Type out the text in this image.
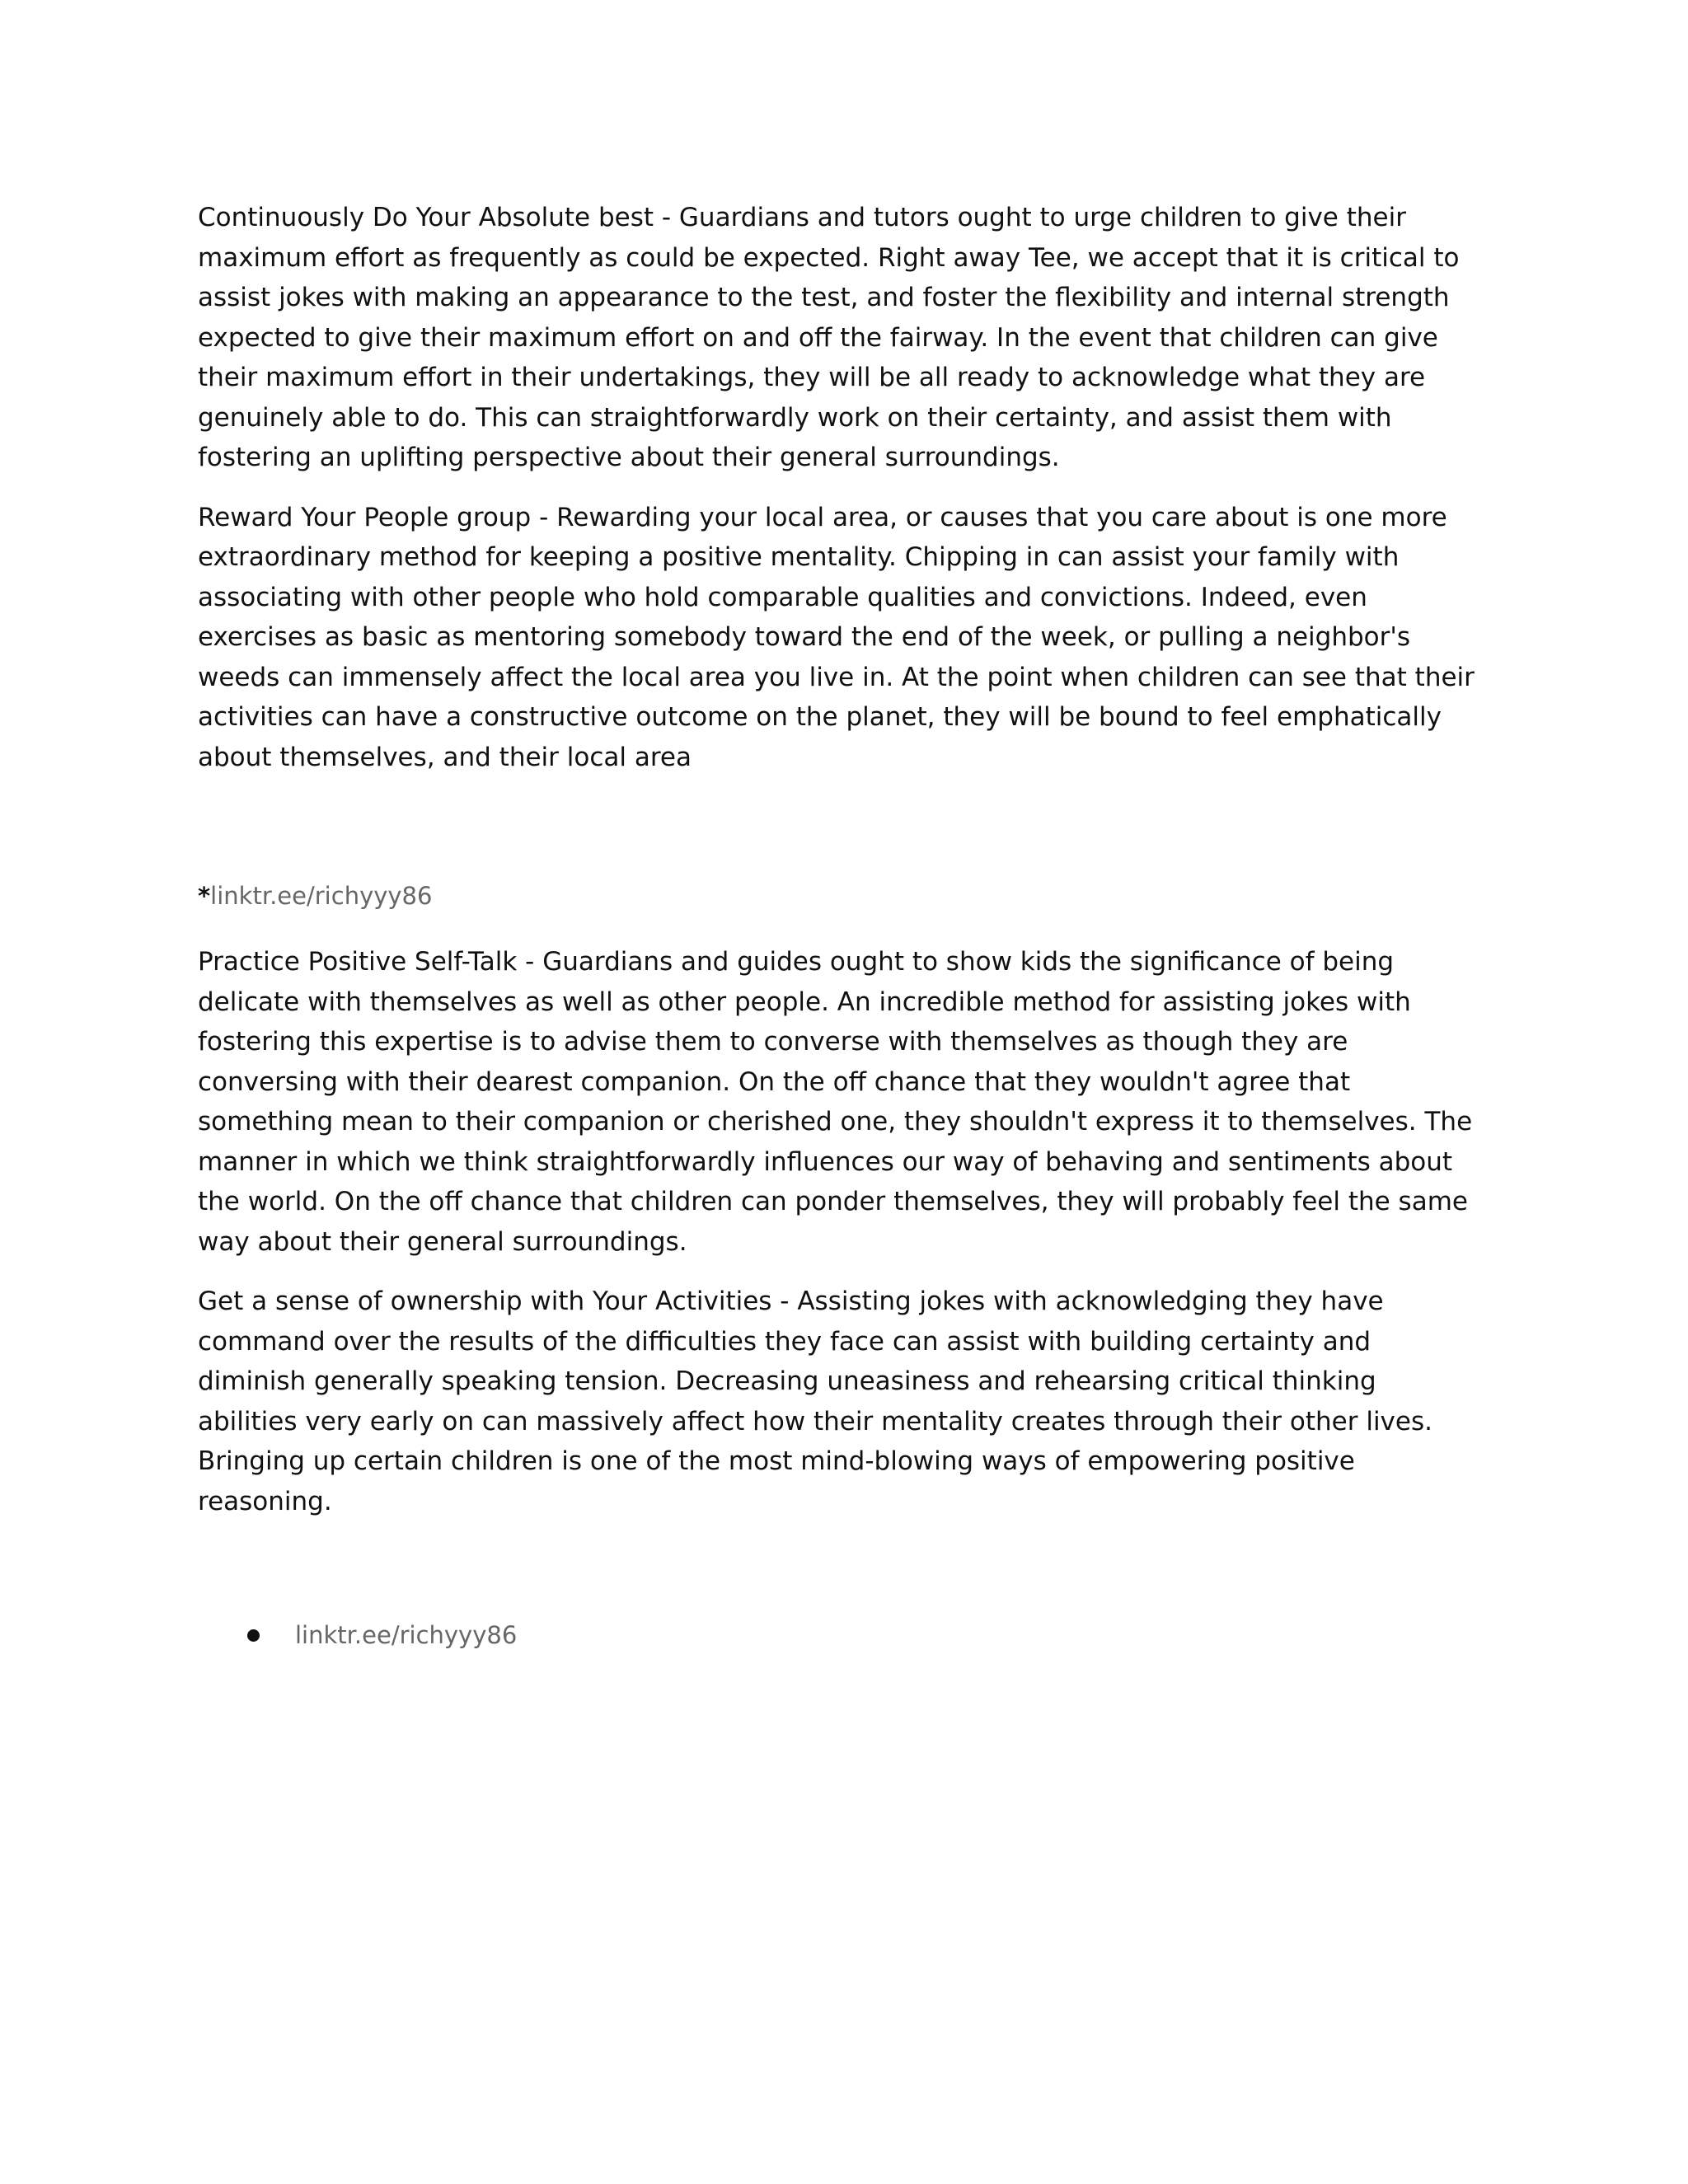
Continuously Do Your Absolute best - Guardians and tutors ought to urge children to give their maximum effort as frequently as could be expected. Right away Tee, we accept that it is critical to assist jokes with making an appearance to the test, and foster the flexibility and internal strength expected to give their maximum effort on and off the fairway. In the event that children can give their maximum effort in their undertakings, they will be all ready to acknowledge what they are genuinely able to do. This can straightforwardly work on their certainty, and assist them with fostering an uplifting perspective about their general surroundings.

Reward Your People group - Rewarding your local area, or causes that you care about is one more extraordinary method for keeping a positive mentality. Chipping in can assist your family with associating with other people who hold comparable qualities and convictions. Indeed, even exercises as basic as mentoring somebody toward the end of the week, or pulling a neighbor's weeds can immensely affect the local area you live in. At the point when children can see that their activities can have a constructive outcome on the planet, they will be bound to feel emphatically about themselves, and their local area

*linktr.ee/richyyy86

Practice Positive Self-Talk - Guardians and guides ought to show kids the significance of being delicate with themselves as well as other people. An incredible method for assisting jokes with fostering this expertise is to advise them to converse with themselves as though they are conversing with their dearest companion. On the off chance that they wouldn't agree that something mean to their companion or cherished one, they shouldn't express it to themselves. The manner in which we think straightforwardly influences our way of behaving and sentiments about the world. On the off chance that children can ponder themselves, they will probably feel the same way about their general surroundings.

Get a sense of ownership with Your Activities - Assisting jokes with acknowledging they have command over the results of the difficulties they face can assist with building certainty and diminish generally speaking tension. Decreasing uneasiness and rehearsing critical thinking abilities very early on can massively affect how their mentality creates through their other lives. Bringing up certain children is one of the most mind-blowing ways of empowering positive reasoning.

linktr.ee/richyyy86
